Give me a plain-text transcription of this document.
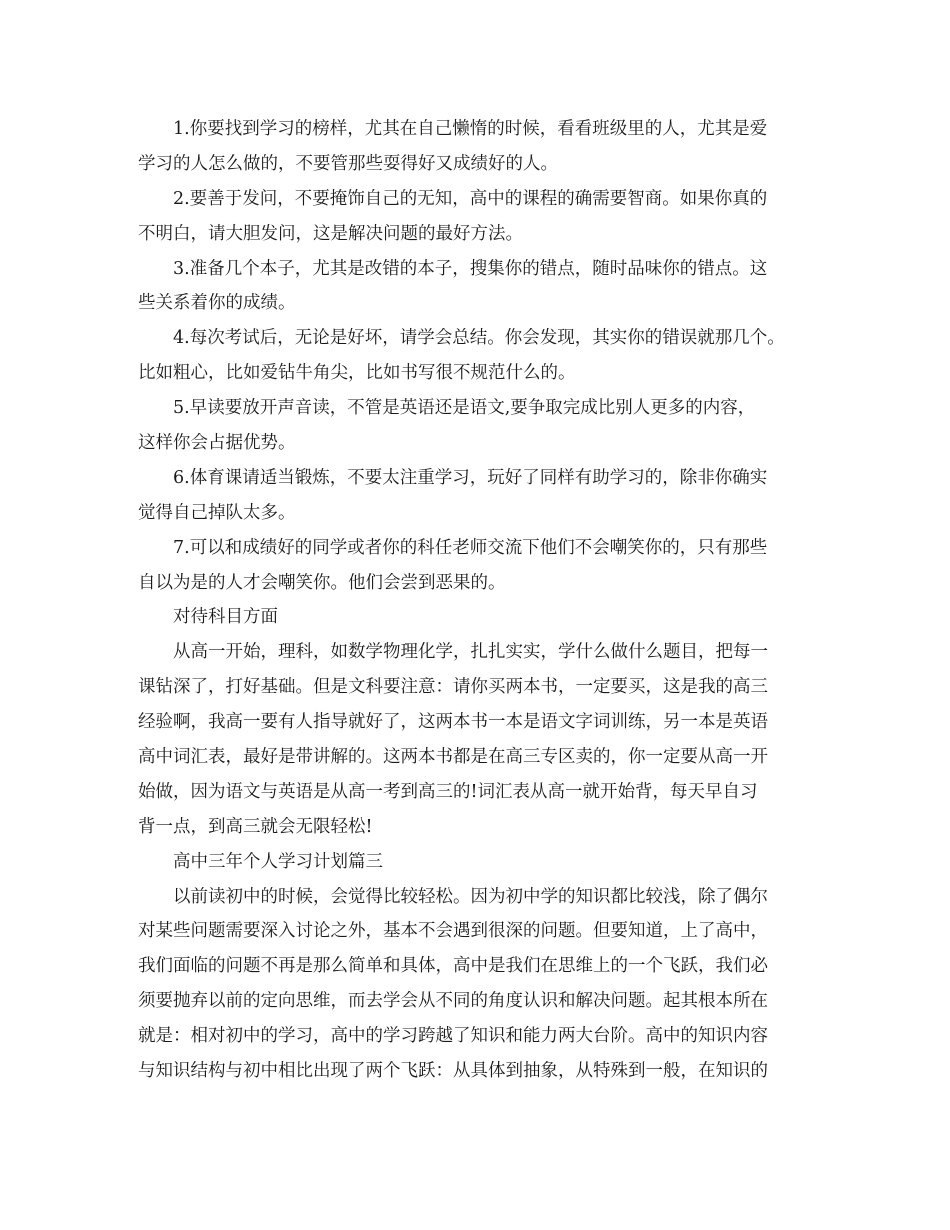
1.你要找到学习的榜样，尤其在自己懒惰的时候，看看班级里的人，尤其是爱
学习的人怎么做的，不要管那些耍得好又成绩好的人。
2.要善于发问，不要掩饰自己的无知，高中的课程的确需要智商。如果你真的
不明白，请大胆发问，这是解决问题的最好方法。
3.准备几个本子，尤其是改错的本子，搜集你的错点，随时品味你的错点。这
些关系着你的成绩。
4.每次考试后，无论是好坏，请学会总结。你会发现，其实你的错误就那几个。
比如粗心，比如爱钻牛角尖，比如书写很不规范什么的。
5.早读要放开声音读，不管是英语还是语文,要争取完成比别人更多的内容，
这样你会占据优势。
6.体育课请适当锻炼，不要太注重学习，玩好了同样有助学习的，除非你确实
觉得自己掉队太多。
7.可以和成绩好的同学或者你的科任老师交流下他们不会嘲笑你的，只有那些
自以为是的人才会嘲笑你。他们会尝到恶果的。
对待科目方面
从高一开始，理科，如数学物理化学，扎扎实实，学什么做什么题目，把每一
课钻深了，打好基础。但是文科要注意：请你买两本书，一定要买，这是我的高三
经验啊，我高一要有人指导就好了，这两本书一本是语文字词训练，另一本是英语
高中词汇表，最好是带讲解的。这两本书都是在高三专区卖的，你一定要从高一开
始做，因为语文与英语是从高一考到高三的!词汇表从高一就开始背，每天早自习
背一点，到高三就会无限轻松!
高中三年个人学习计划篇三
以前读初中的时候，会觉得比较轻松。因为初中学的知识都比较浅，除了偶尔
对某些问题需要深入讨论之外，基本不会遇到很深的问题。但要知道，上了高中，
我们面临的问题不再是那么简单和具体，高中是我们在思维上的一个飞跃，我们必
须要抛弃以前的定向思维，而去学会从不同的角度认识和解决问题。起其根本所在
就是：相对初中的学习，高中的学习跨越了知识和能力两大台阶。高中的知识内容
与知识结构与初中相比出现了两个飞跃：从具体到抽象，从特殊到一般，在知识的
